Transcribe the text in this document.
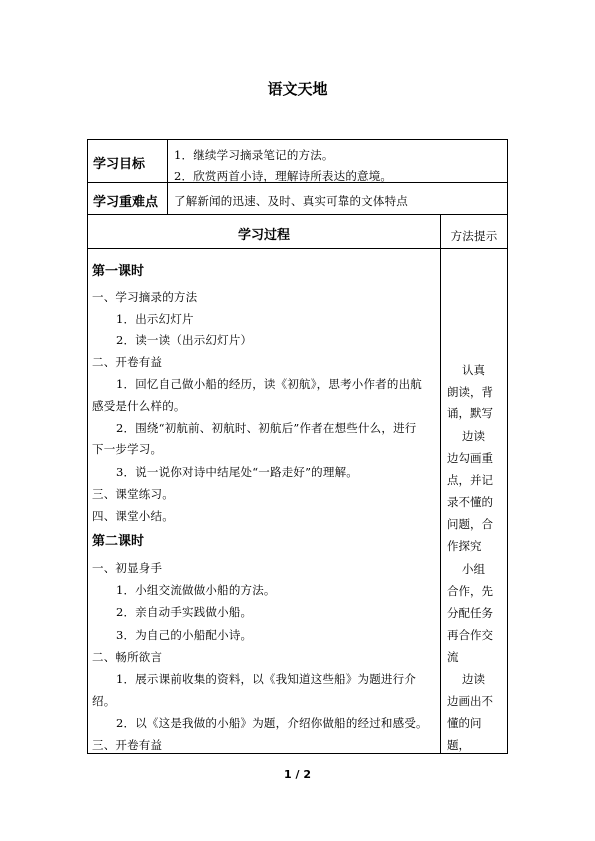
语文天地
学习目标
1．继续学习摘录笔记的方法。
2．欣赏两首小诗，理解诗所表达的意境。
学习重难点 了解新闻的迅速、及时、真实可靠的文体特点
学习过程	方法提示
第一课时
一、学习摘录的方法
1．出示幻灯片
2．读一读（出示幻灯片）
二、开卷有益
1．回忆自己做小船的经历，读《初航》，思考小作者的出航
感受是什么样的。
2．围绕“初航前、初航时、初航后”作者在想些什么，进行
下一步学习。
3．说一说你对诗中结尾处“一路走好”的理解。
三、课堂练习。
四、课堂小结。
第二课时
一、初显身手
1．小组交流做做小船的方法。
2．亲自动手实践做小船。
3．为自己的小船配小诗。
二、畅所欲言
1．展示课前收集的资料，以《我知道这些船》为题进行介
绍。
2．以《这是我做的小船》为题，介绍你做船的经过和感受。
三、开卷有益
认真
朗读，背
诵，默写
边读
边勾画重
点，并记
录不懂的
问题，合
作探究
小组
合作，先
分配任务
再合作交
流
边读
边画出不
懂的问
题，
1 / 2
